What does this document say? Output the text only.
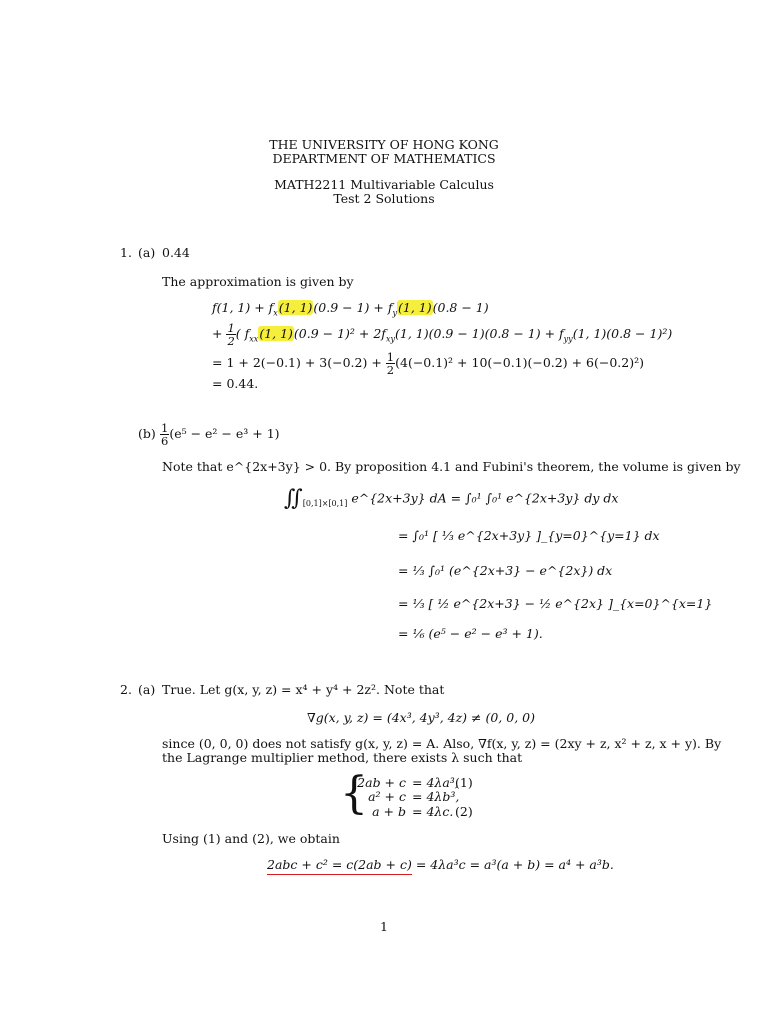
THE UNIVERSITY OF HONG KONG
DEPARTMENT OF MATHEMATICS
MATH2211 Multivariable Calculus
Test 2 Solutions
1. (a) 0.44
The approximation is given by
f(1, $1) + f_x(1$, $1)(0.9 - 1) + f_y(1$, 1)(0.8 − 1)
+ $\frac{1}{2}$ ( $f_{xx}(1$, $1)(0.9 - 1)^2 + 2f_{xy}(1$, $1)(0.9 - 1)(0.8 - 1) + f_{yy}(1$, 1)(0.8 − 1)²)
= $1 + 2(-0.1) + 3(-0.2) + \frac{1}{2} (4(-0.1)^2 + 10(-0.1)(-0.2) + 6(-0.2)^2)$
= 0.44.
$(b) \frac{1}{6} (e^5 - e^2 - e^3 + 1)$
Note that e^{2x+3y} > 0. By proposition 4.1 and Fubini's theorem, the volume is given by
$∬_{[0,1]\times[0,1]}$ e^{2x+3y} dA = ∫₀¹ ∫₀¹ e^{2x+3y} dy dx
= ∫₀¹ [ ⅓ e^{2x+3y} ]_{y=0}^{y=1} dx
= ⅓ ∫₀¹ (e^{2x+3} − e^{2x}) dx
= ⅓ [ ½ e^{2x+3} − ½ e^{2x} ]_{x=0}^{x=1}
= ⅙ (e⁵ − e² − e³ + 1).
2. (a) True. Let g(x, y, z) = x⁴ + y⁴ + 2z². Note that
∇g(x, y, z) = (4x³, 4y³, 4z) ≠ (0, 0, 0)
since (0, 0, 0) does not satisfy g(x, y, z) = A. Also, ∇f(x, y, z) = (2xy + z, x² + z, x + y). By
the Lagrange multiplier method, there exists λ such that
{
2ab + c = 4λa³,
(1)
a² + c = 4λb³,
a + b = 4λc. (2)
Using (1) and (2), we obtain
2abc + c² = c(2ab + c) = 4λa³c = a³(a + b) = a⁴ + a³b.
1
